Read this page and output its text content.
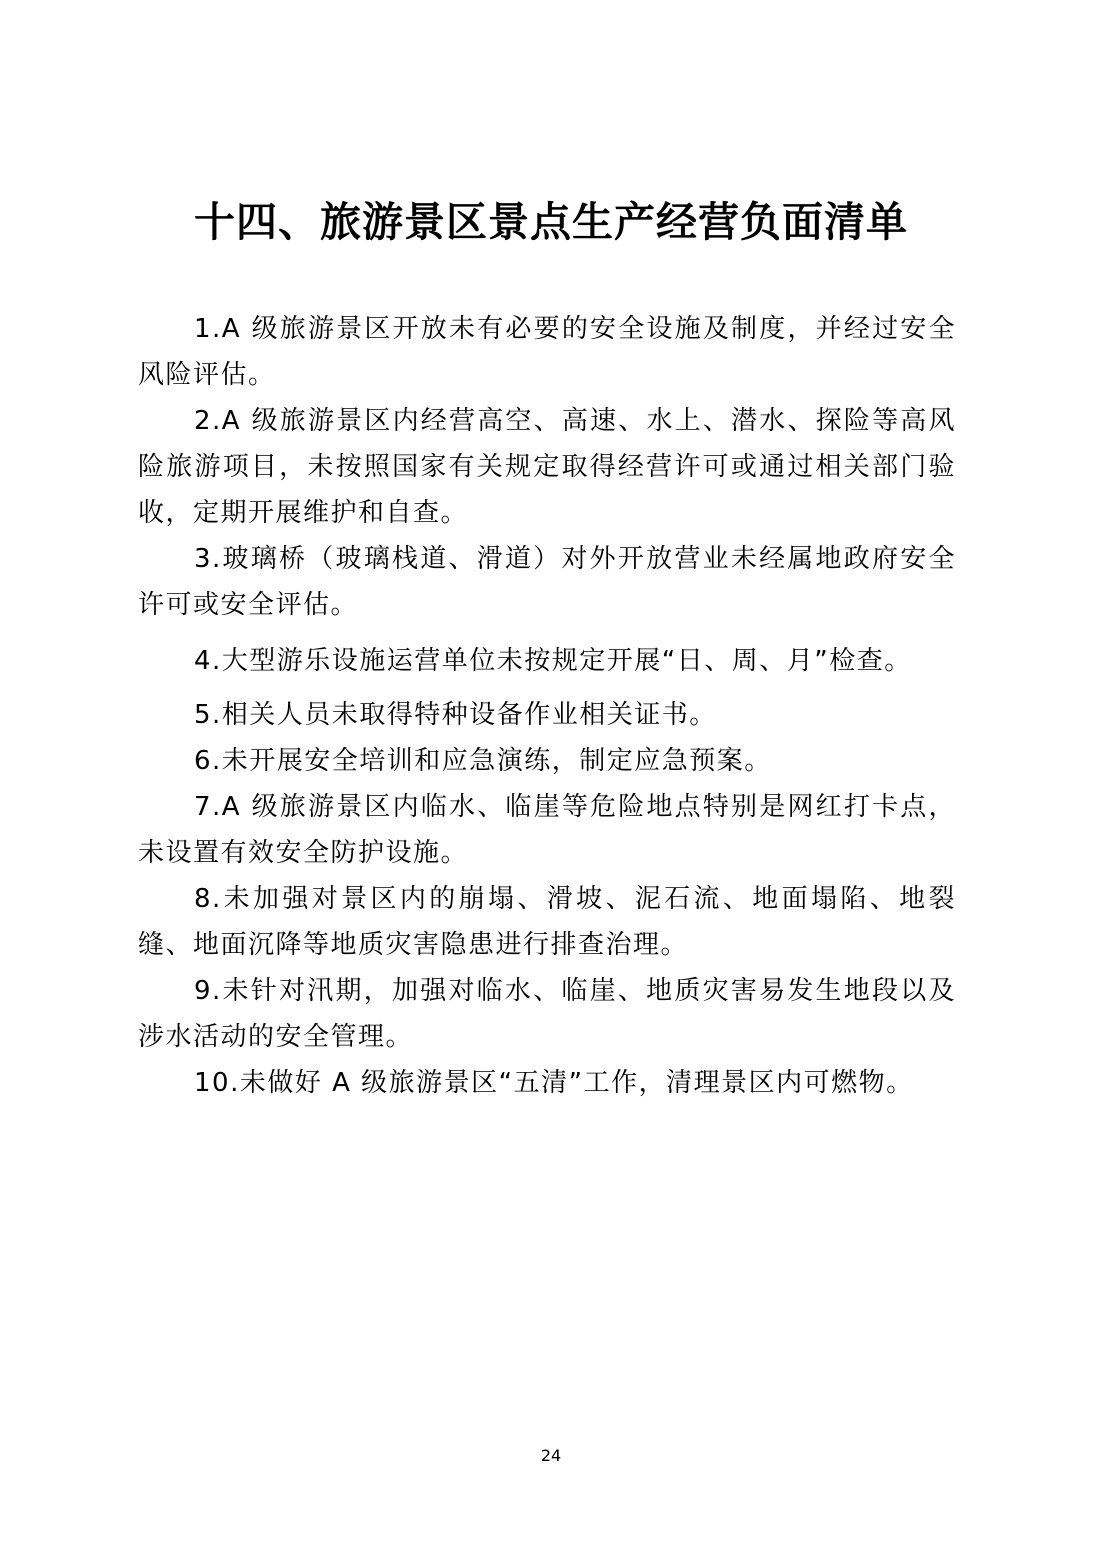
十四、旅游景区景点生产经营负面清单
1.A 级旅游景区开放未有必要的安全设施及制度，并经过安全风险评估。
2.A 级旅游景区内经营高空、高速、水上、潜水、探险等高风险旅游项目，未按照国家有关规定取得经营许可或通过相关部门验收，定期开展维护和自查。
3.玻璃桥（玻璃栈道、滑道）对外开放营业未经属地政府安全许可或安全评估。
4.大型游乐设施运营单位未按规定开展“日、周、月”检查。
5.相关人员未取得特种设备作业相关证书。
6.未开展安全培训和应急演练，制定应急预案。
7.A 级旅游景区内临水、临崖等危险地点特别是网红打卡点，未设置有效安全防护设施。
8.未加强对景区内的崩塌、滑坡、泥石流、地面塌陷、地裂缝、地面沉降等地质灾害隐患进行排查治理。
9.未针对汛期，加强对临水、临崖、地质灾害易发生地段以及涉水活动的安全管理。
10.未做好 A 级旅游景区“五清”工作，清理景区内可燃物。
24
